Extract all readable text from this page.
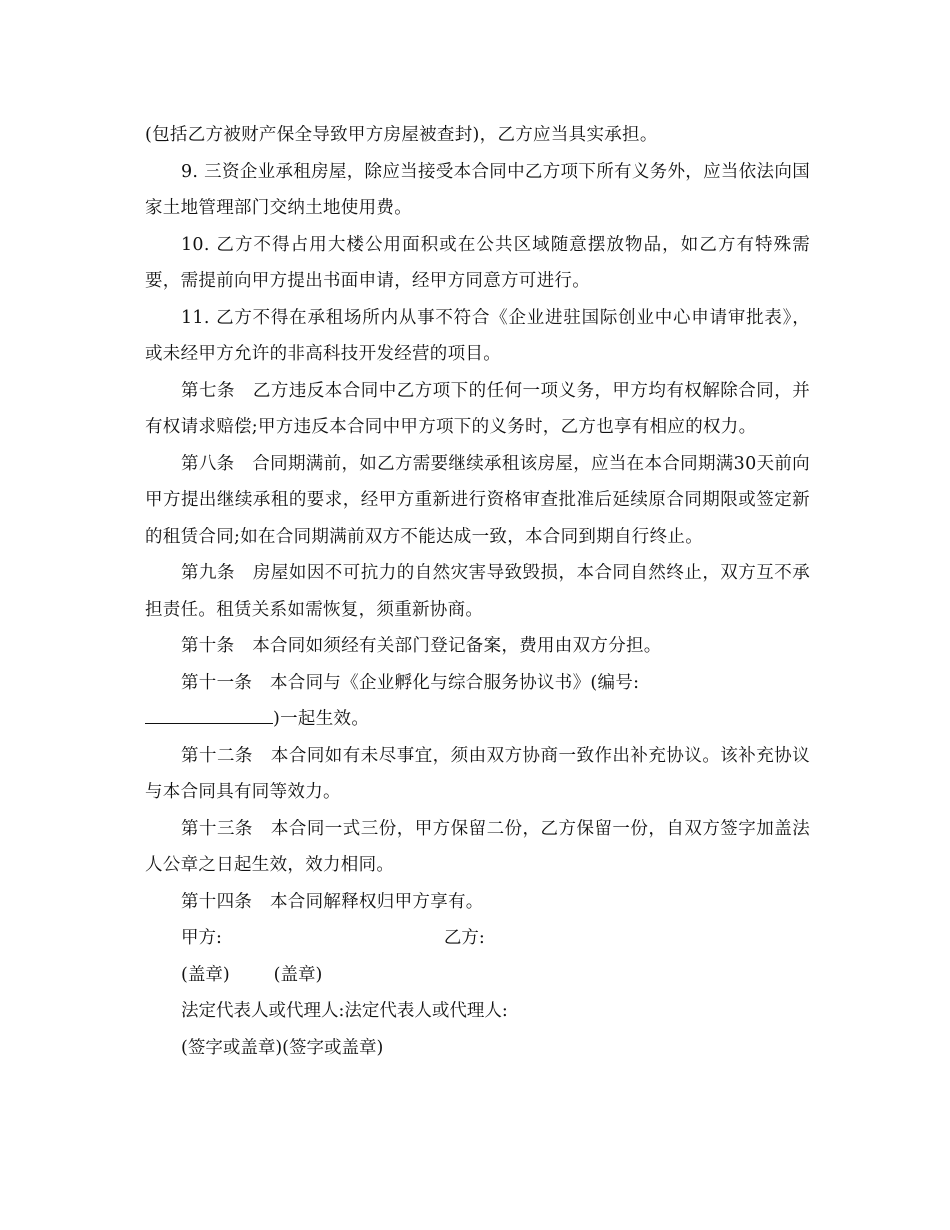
(包括乙方被财产保全导致甲方房屋被查封)，乙方应当具实承担。

9. 三资企业承租房屋，除应当接受本合同中乙方项下所有义务外，应当依法向国家土地管理部门交纳土地使用费。

10. 乙方不得占用大楼公用面积或在公共区域随意摆放物品，如乙方有特殊需要，需提前向甲方提出书面申请，经甲方同意方可进行。

11. 乙方不得在承租场所内从事不符合《企业进驻国际创业中心申请审批表》，或未经甲方允许的非高科技开发经营的项目。

第七条　乙方违反本合同中乙方项下的任何一项义务，甲方均有权解除合同，并有权请求赔偿;甲方违反本合同中甲方项下的义务时，乙方也享有相应的权力。

第八条　合同期满前，如乙方需要继续承租该房屋，应当在本合同期满30天前向甲方提出继续承租的要求，经甲方重新进行资格审查批准后延续原合同期限或签定新的租赁合同;如在合同期满前双方不能达成一致，本合同到期自行终止。

第九条　房屋如因不可抗力的自然灾害导致毁损，本合同自然终止，双方互不承担责任。租赁关系如需恢复，须重新协商。

第十条　本合同如须经有关部门登记备案，费用由双方分担。

第十一条　本合同与《企业孵化与综合服务协议书》(编号:
)一起生效。

第十二条　本合同如有未尽事宜，须由双方协商一致作出补充协议。该补充协议与本合同具有同等效力。

第十三条　本合同一式三份，甲方保留二份，乙方保留一份，自双方签字加盖法人公章之日起生效，效力相同。

第十四条　本合同解释权归甲方享有。

甲方:	乙方:

(盖章)	(盖章)

法定代表人或代理人:法定代表人或代理人:

(签字或盖章)(签字或盖章)
